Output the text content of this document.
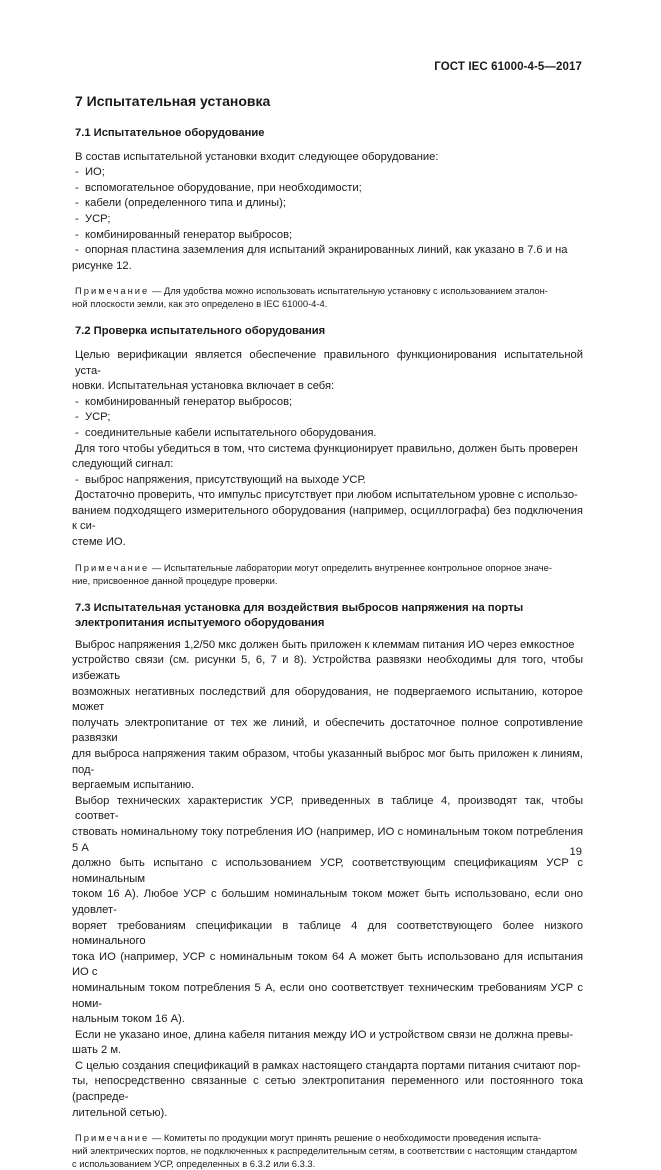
ГОСТ IEC 61000-4-5—2017
7 Испытательная установка
7.1 Испытательное оборудование

В состав испытательной установки входит следующее оборудование:

- ИО;
- вспомогательное оборудование, при необходимости;
- кабели (определенного типа и длины);
- УСР;
- комбинированный генератор выбросов;
- опорная пластина заземления для испытаний экранированных линий, как указано в 7.6 и на

рисунке 12.

Примечание — Для удобства можно использовать испытательную установку с использованием эталон-
ной плоскости земли, как это определено в IEC 61000-4-4.
7.2 Проверка испытательного оборудования

Целью верификации является обеспечение правильного функционирования испытательной уста-

новки. Испытательная установка включает в себя:

- комбинированный генератор выбросов;
- УСР;
- соединительные кабели испытательного оборудования.

Для того чтобы убедиться в том, что система функционирует правильно, должен быть проверен

следующий сигнал:

- выброс напряжения, присутствующий на выходе УСР.

Достаточно проверить, что импульс присутствует при любом испытательном уровне с использо-

ванием подходящего измерительного оборудования (например, осциллографа) без подключения к си-

стеме ИО.

Примечание — Испытательные лаборатории могут определить внутреннее контрольное опорное значе-
ние, присвоенное данной процедуре проверки.
7.3 Испытательная установка для воздействия выбросов напряжения на порты
электропитания испытуемого оборудования

Выброс напряжения 1,2/50 мкс должен быть приложен к клеммам питания ИО через емкостное

устройство связи (см. рисунки 5, 6, 7 и 8). Устройства развязки необходимы для того, чтобы избежать

возможных негативных последствий для оборудования, не подвергаемого испытанию, которое может

получать электропитание от тех же линий, и обеспечить достаточное полное сопротивление развязки

для выброса напряжения таким образом, чтобы указанный выброс мог быть приложен к линиям, под-

вергаемым испытанию.

Выбор технических характеристик УСР, приведенных в таблице 4, производят так, чтобы соответ-

ствовать номинальному току потребления ИО (например, ИО с номинальным током потребления 5 А

должно быть испытано с использованием УСР, соответствующим спецификациям УСР с номинальным

током 16 А). Любое УСР с большим номинальным током может быть использовано, если оно удовлет-

воряет требованиям спецификации в таблице 4 для соответствующего более низкого номинального

тока ИО (например, УСР с номинальным током 64 А может быть использовано для испытания ИО с

номинальным током потребления 5 А, если оно соответствует техническим требованиям УСР с номи-

нальным током 16 А).

Если не указано иное, длина кабеля питания между ИО и устройством связи не должна превы-

шать 2 м.

С целью создания спецификаций в рамках настоящего стандарта портами питания считают пор-

ты, непосредственно связанные с сетью электропитания переменного или постоянного тока (распреде-

лительной сетью).

Примечание — Комитеты по продукции могут принять решение о необходимости проведения испыта-
ний электрических портов, не подключенных к распределительным сетям, в соответствии с настоящим стандартом
с использованием УСР, определенных в 6.3.2 или 6.3.3.
19
